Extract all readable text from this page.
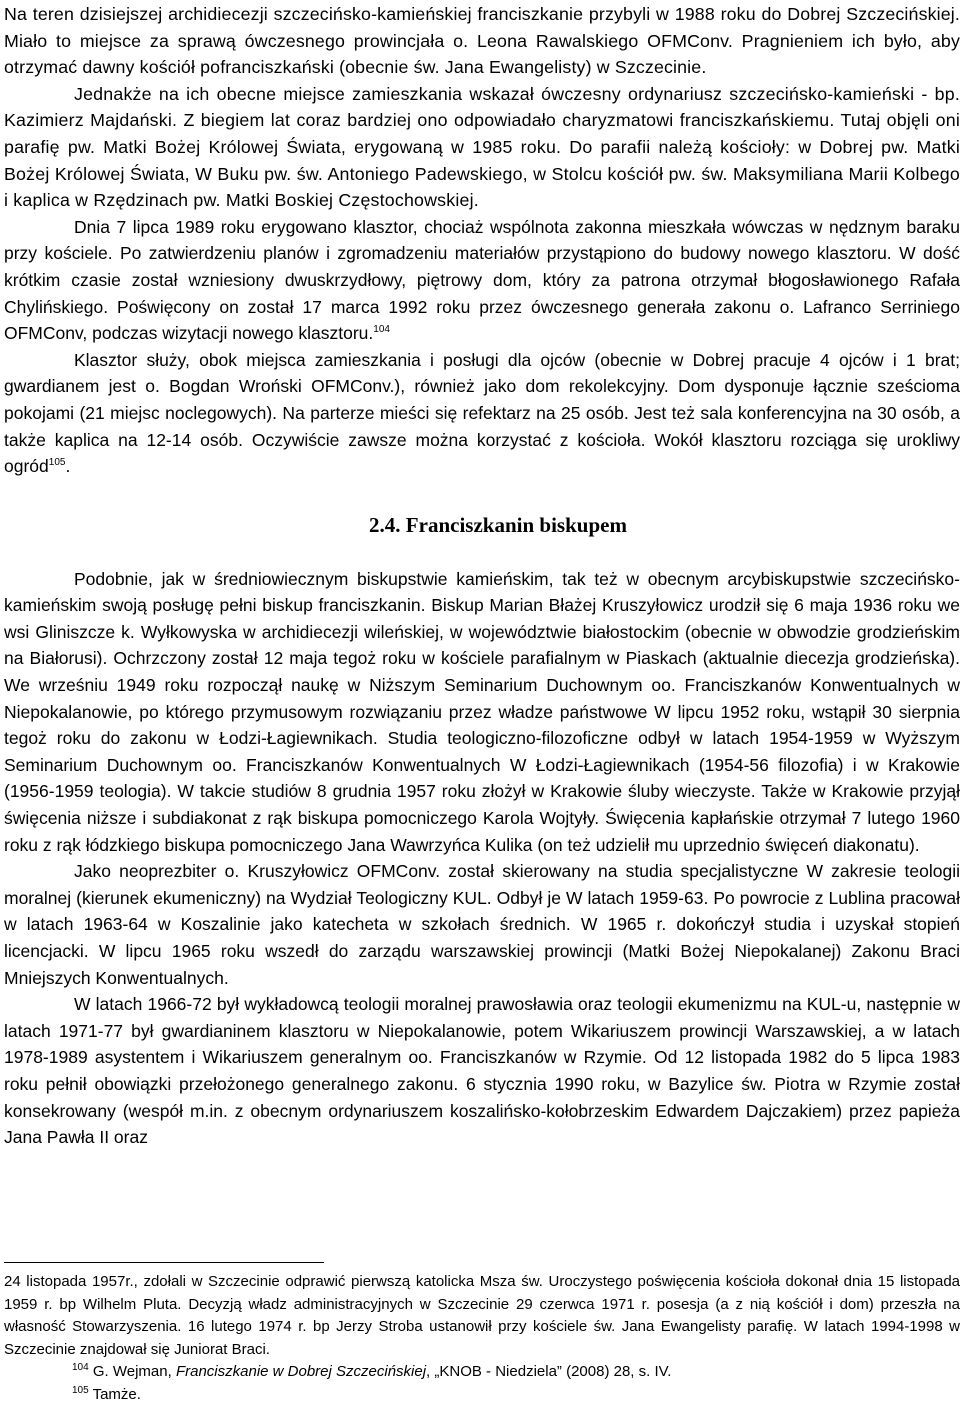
Na teren dzisiejszej archidiecezji szczecińsko-kamieńskiej franciszkanie przybyli w 1988 roku do Dobrej Szczecińskiej. Miało to miejsce za sprawą ówczesnego prowincjała o. Leona Rawalskiego OFMConv. Pragnieniem ich było, aby otrzymać dawny kościół pofranciszkański (obecnie św. Jana Ewangelisty) w Szczecinie.

Jednakże na ich obecne miejsce zamieszkania wskazał ówczesny ordynariusz szczecińsko-kamieński - bp. Kazimierz Majdański. Z biegiem lat coraz bardziej ono odpowiadało charyzmatowi franciszkańskiemu. Tutaj objęli oni parafię pw. Matki Bożej Królowej Świata, erygowaną w 1985 roku. Do parafii należą kościoły: w Dobrej pw. Matki Bożej Królowej Świata, W Buku pw. św. Antoniego Padewskiego, w Stolcu kościół pw. św. Maksymiliana Marii Kolbego i kaplica w Rzędzinach pw. Matki Boskiej Częstochowskiej.

Dnia 7 lipca 1989 roku erygowano klasztor, chociaż wspólnota zakonna mieszkała wówczas w nędznym baraku przy kościele. Po zatwierdzeniu planów i zgromadzeniu materiałów przystąpiono do budowy nowego klasztoru. W dość krótkim czasie został wzniesiony dwuskrzydłowy, piętrowy dom, który za patrona otrzymał błogosławionego Rafała Chylińskiego. Poświęcony on został 17 marca 1992 roku przez ówczesnego generała zakonu o. Lafranco Serriniego OFMConv, podczas wizytacji nowego klasztoru.$^{104}$

Klasztor służy, obok miejsca zamieszkania i posługi dla ojców (obecnie w Dobrej pracuje 4 ojców i 1 brat; gwardianem jest o. Bogdan Wroński OFMConv.), również jako dom rekolekcyjny. Dom dysponuje łącznie sześcioma pokojami (21 miejsc noclegowych). Na parterze mieści się refektarz na 25 osób. Jest też sala konferencyjna na 30 osób, a także kaplica na 12-14 osób. Oczywiście zawsze można korzystać z kościoła. Wokół klasztoru rozciąga się urokliwy ogród$^{105}$.

2.4. Franciszkanin biskupem

Podobnie, jak w średniowiecznym biskupstwie kamieńskim, tak też w obecnym arcybiskupstwie szczecińsko-kamieńskim swoją posługę pełni biskup franciszkanin. Biskup Marian Błażej Kruszyłowicz urodził się 6 maja 1936 roku we wsi Gliniszcze k. Wyłkowyska w archidiecezji wileńskiej, w województwie białostockim (obecnie w obwodzie grodzieńskim na Białorusi). Ochrzczony został 12 maja tegoż roku w kościele parafialnym w Piaskach (aktualnie diecezja grodzieńska). We wrześniu 1949 roku rozpoczął naukę w Niższym Seminarium Duchownym oo. Franciszkanów Konwentualnych w Niepokalanowie, po którego przymusowym rozwiązaniu przez władze państwowe W lipcu 1952 roku, wstąpił 30 sierpnia tegoż roku do zakonu w Łodzi-Łagiewnikach. Studia teologiczno-filozoficzne odbył w latach 1954-1959 w Wyższym Seminarium Duchownym oo. Franciszkanów Konwentualnych W Łodzi-Łagiewnikach (1954-56 filozofia) i w Krakowie (1956-1959 teologia). W takcie studiów 8 grudnia 1957 roku złożył w Krakowie śluby wieczyste. Także w Krakowie przyjął święcenia niższe i subdiakonat z rąk biskupa pomocniczego Karola Wojtyły. Święcenia kapłańskie otrzymał 7 lutego 1960 roku z rąk łódzkiego biskupa pomocniczego Jana Wawrzyńca Kulika (on też udzielił mu uprzednio święceń diakonatu).

Jako neoprezbiter o. Kruszyłowicz OFMConv. został skierowany na studia specjalistyczne W zakresie teologii moralnej (kierunek ekumeniczny) na Wydział Teologiczny KUL. Odbył je W latach 1959-63. Po powrocie z Lublina pracował w latach 1963-64 w Koszalinie jako katecheta w szkołach średnich. W 1965 r. dokończył studia i uzyskał stopień licencjacki. W lipcu 1965 roku wszedł do zarządu warszawskiej prowincji (Matki Bożej Niepokalanej) Zakonu Braci Mniejszych Konwentualnych.

W latach 1966-72 był wykładowcą teologii moralnej prawosławia oraz teologii ekumenizmu na KUL-u, następnie w latach 1971-77 był gwardianinem klasztoru w Niepokalanowie, potem Wikariuszem prowincji Warszawskiej, a w latach 1978-1989 asystentem i Wikariuszem generalnym oo. Franciszkanów w Rzymie. Od 12 listopada 1982 do 5 lipca 1983 roku pełnił obowiązki przełożonego generalnego zakonu. 6 stycznia 1990 roku, w Bazylice św. Piotra w Rzymie został konsekrowany (wespół m.in. z obecnym ordynariuszem koszalińsko-kołobrzeskim Edwardem Dajczakiem) przez papieża Jana Pawła II oraz

24 listopada 1957r., zdołali w Szczecinie odprawić pierwszą katolicka Msza św. Uroczystego poświęcenia kościoła dokonał dnia 15 listopada 1959 r. bp Wilhelm Pluta. Decyzją władz administracyjnych w Szczecinie 29 czerwca 1971 r. posesja (a z nią kościół i dom) przeszła na własność Stowarzyszenia. 16 lutego 1974 r. bp Jerzy Stroba ustanowił przy kościele św. Jana Ewangelisty parafię. W latach 1994-1998 w Szczecinie znajdował się Juniorat Braci.

$^{104}$ G. Wejman, Franciszkanie w Dobrej Szczecińskiej, „KNOB - Niedziela” (2008) 28, s. IV.

$^{105}$ Tamże.
